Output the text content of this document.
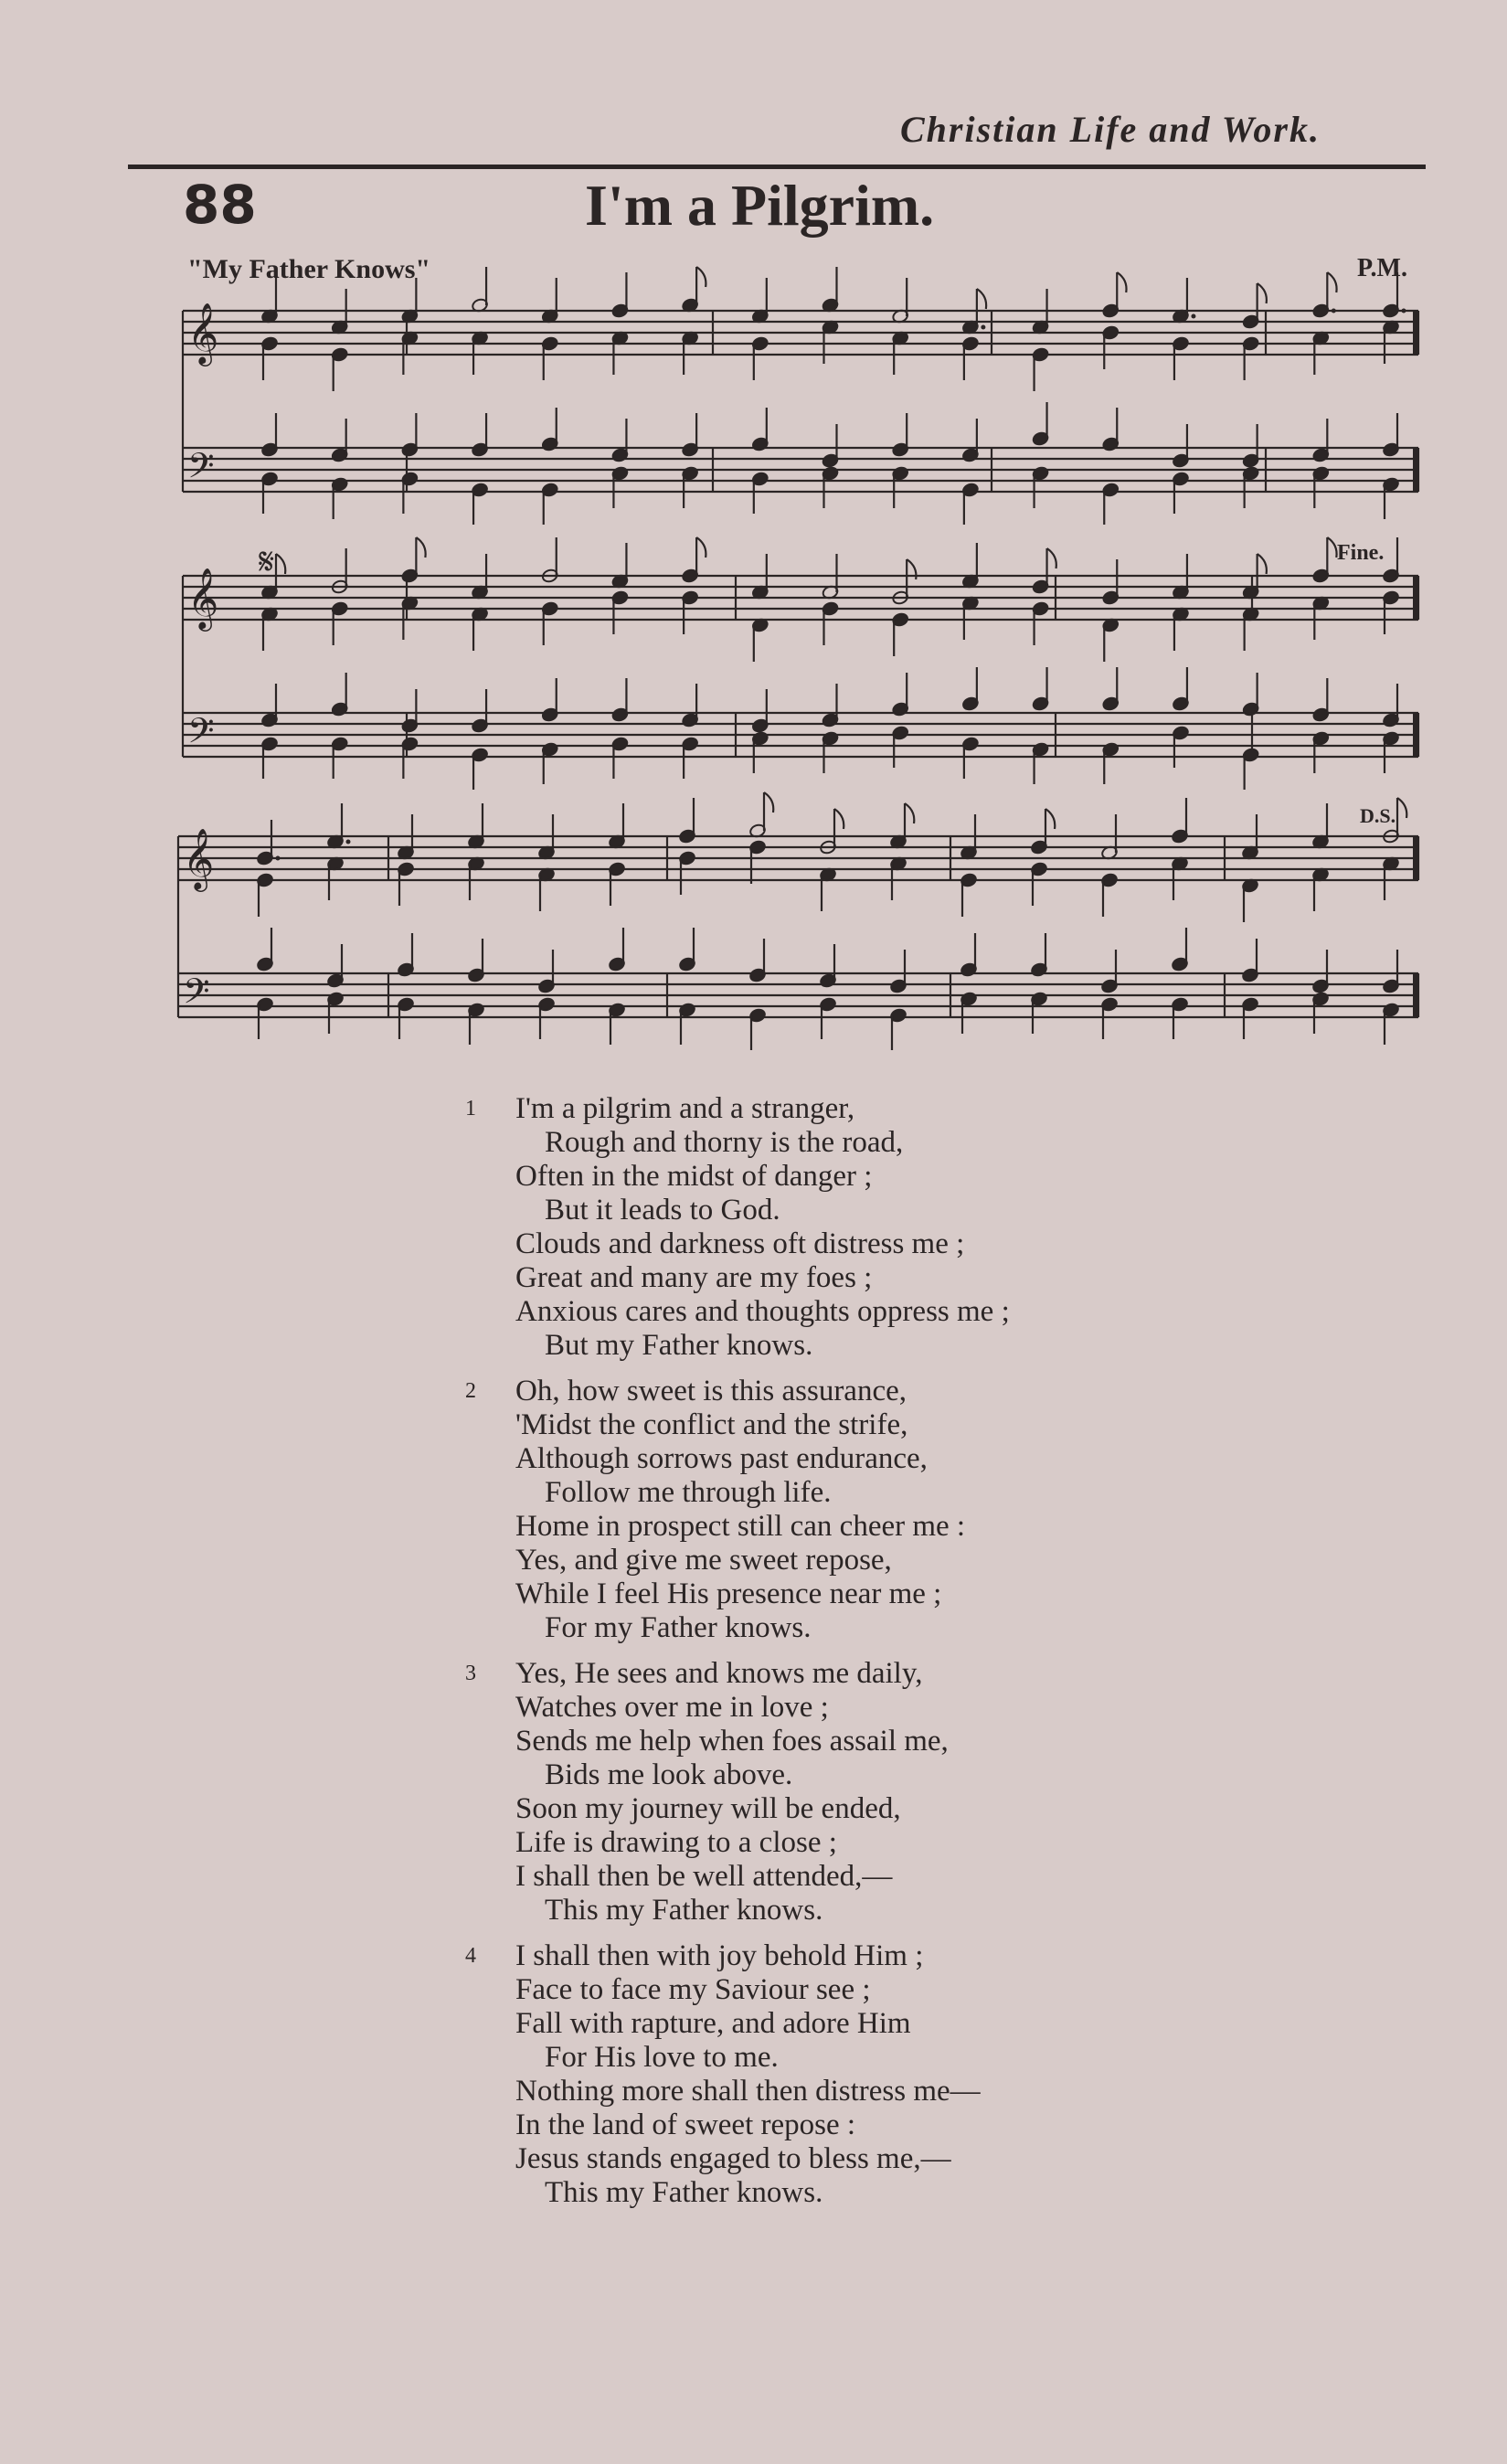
Christian Life and Work.
88	I'm a Pilgrim.
"My Father Knows"	P.M.
𝄞
𝄢
𝄞
𝄢
𝄞
𝄢
𝄋	Fine.
D.S.
1	I'm a pilgrim and a stranger,
Rough and thorny is the road,
Often in the midst of danger ;
But it leads to God.
Clouds and darkness oft distress me ;
Great and many are my foes ;
Anxious cares and thoughts oppress me ;
But my Father knows.
2	Oh, how sweet is this assurance,
'Midst the conflict and the strife,
Although sorrows past endurance,
Follow me through life.
Home in prospect still can cheer me :
Yes, and give me sweet repose,
While I feel His presence near me ;
For my Father knows.
3	Yes, He sees and knows me daily,
Watches over me in love ;
Sends me help when foes assail me,
Bids me look above.
Soon my journey will be ended,
Life is drawing to a close ;
I shall then be well attended,—
This my Father knows.
4	I shall then with joy behold Him ;
Face to face my Saviour see ;
Fall with rapture, and adore Him
For His love to me.
Nothing more shall then distress me—
In the land of sweet repose :
Jesus stands engaged to bless me,—
This my Father knows.
